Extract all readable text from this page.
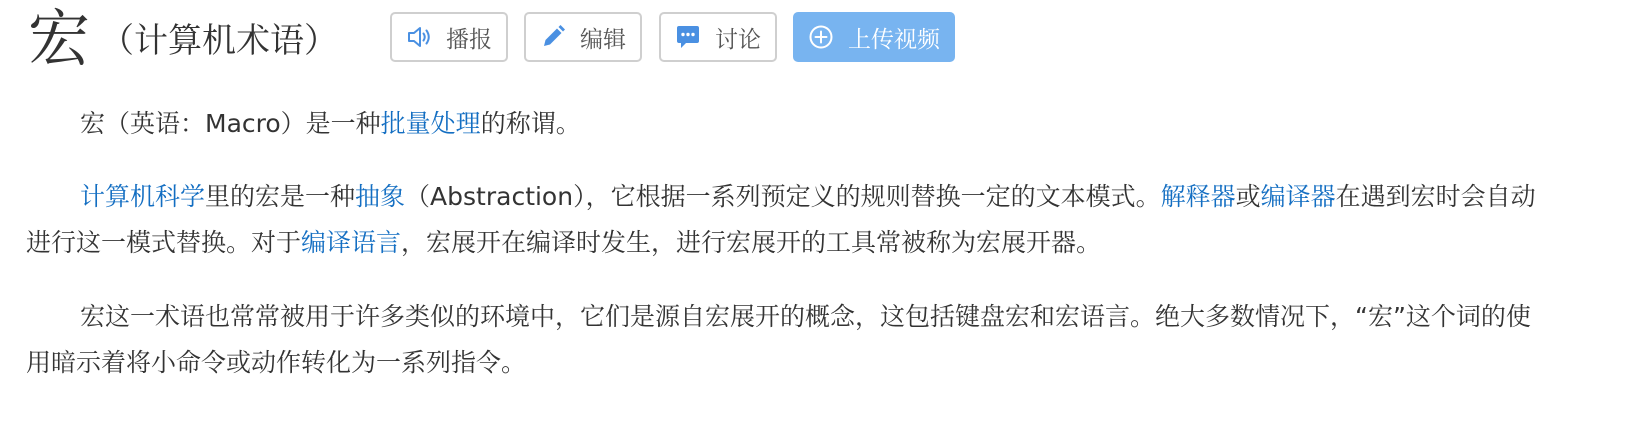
宏 （计算机术语）	播报	编辑	讨论	上传视频

宏（英语：Macro）是一种批量处理的称谓。

计算机科学里的宏是一种抽象（Abstraction），它根据一系列预定义的规则替换一定的文本模式。解释器或编译器在遇到宏时会自动进行这一模式替换。对于编译语言，宏展开在编译时发生，进行宏展开的工具常被称为宏展开器。

宏这一术语也常常被用于许多类似的环境中，它们是源自宏展开的概念，这包括键盘宏和宏语言。绝大多数情况下，“宏”这个词的使用暗示着将小命令或动作转化为一系列指令。
